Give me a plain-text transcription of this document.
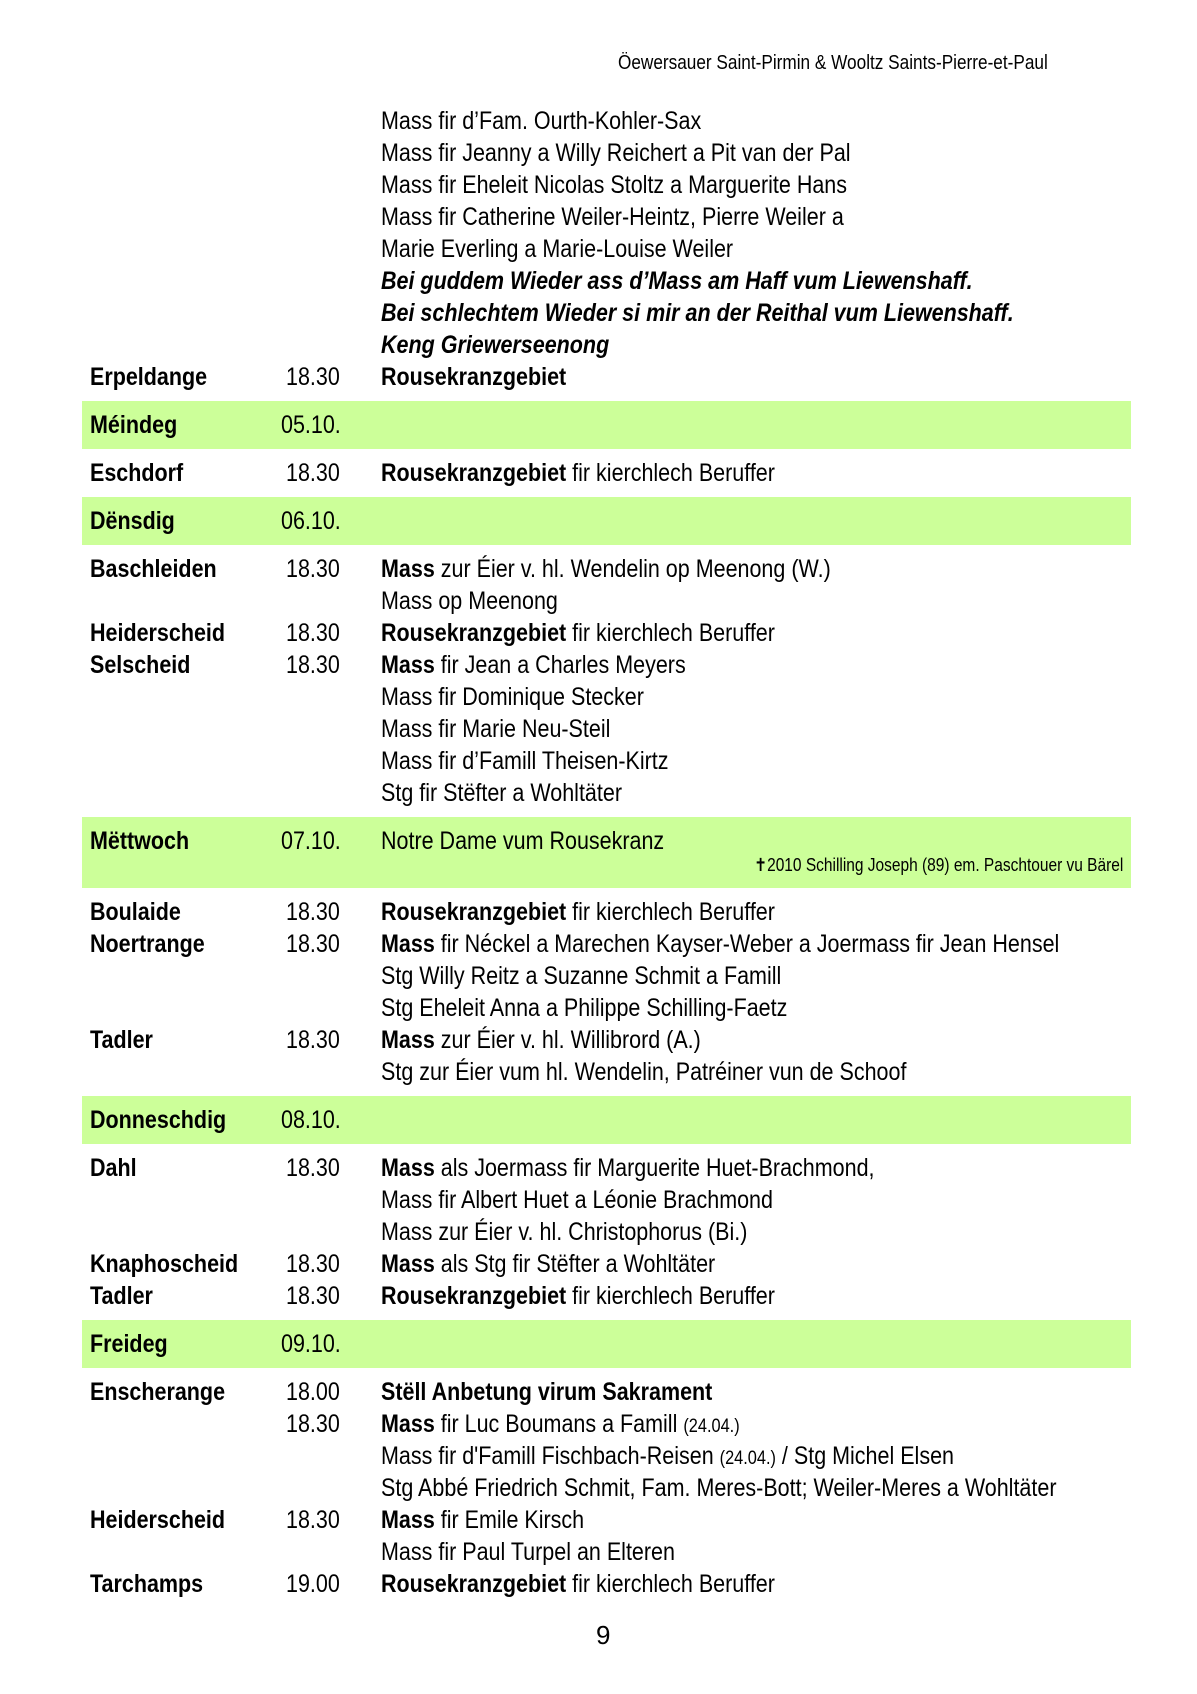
Öewersauer Saint-Pirmin & Wooltz Saints-Pierre-et-Paul
Mass fir d’Fam. Ourth-Kohler-Sax
Mass fir Jeanny a Willy Reichert a Pit van der Pal
Mass fir Eheleit Nicolas Stoltz a Marguerite Hans
Mass fir Catherine Weiler-Heintz, Pierre Weiler a
Marie Everling a Marie-Louise Weiler
Bei guddem Wieder ass d’Mass am Haff vum Liewenshaff.
Bei schlechtem Wieder si mir an der Reithal vum Liewenshaff.
Keng Griewerseenong
Erpeldange	18.30 Rousekranzgebiet
Méindeg	05.10.
Eschdorf	18.30 Rousekranzgebiet fir kierchlech Beruffer
Dënsdig	06.10.
Baschleiden	18.30 Mass zur Éier v. hl. Wendelin op Meenong (W.)
Mass op Meenong
Heiderscheid 18.30 Rousekranzgebiet fir kierchlech Beruffer
Selscheid	18.30 Mass fir Jean a Charles Meyers
Mass fir Dominique Stecker
Mass fir Marie Neu-Steil
Mass fir d’Famill Theisen-Kirtz
Stg fir Stëfter a Wohltäter
Mëttwoch	07.10. Notre Dame vum Rousekranz
✝2010 Schilling Joseph (89) em. Paschtouer vu Bärel
Boulaide	18.30 Rousekranzgebiet fir kierchlech Beruffer
Noertrange	18.30 Mass fir Néckel a Marechen Kayser-Weber a Joermass fir Jean Hensel
Stg Willy Reitz a Suzanne Schmit a Famill
Stg Eheleit Anna a Philippe Schilling-Faetz
Tadler	18.30 Mass zur Éier v. hl. Willibrord (A.)
Stg zur Éier vum hl. Wendelin, Patréiner vun de Schoof
Donneschdig 08.10.
Dahl	18.30 Mass als Joermass fir Marguerite Huet-Brachmond,
Mass fir Albert Huet a Léonie Brachmond
Mass zur Éier v. hl. Christophorus (Bi.)
Knaphoscheid 18.30 Mass als Stg fir Stëfter a Wohltäter
Tadler	18.30 Rousekranzgebiet fir kierchlech Beruffer
Freideg	09.10.
Enscherange 18.00 Stëll Anbetung virum Sakrament
18.30 Mass fir Luc Boumans a Famill (24.04.)
Mass fir d'Famill Fischbach-Reisen (24.04.) / Stg Michel Elsen
Stg Abbé Friedrich Schmit, Fam. Meres-Bott; Weiler-Meres a Wohltäter
Heiderscheid 18.30 Mass fir Emile Kirsch
Mass fir Paul Turpel an Elteren
Tarchamps	19.00 Rousekranzgebiet fir kierchlech Beruffer
9
